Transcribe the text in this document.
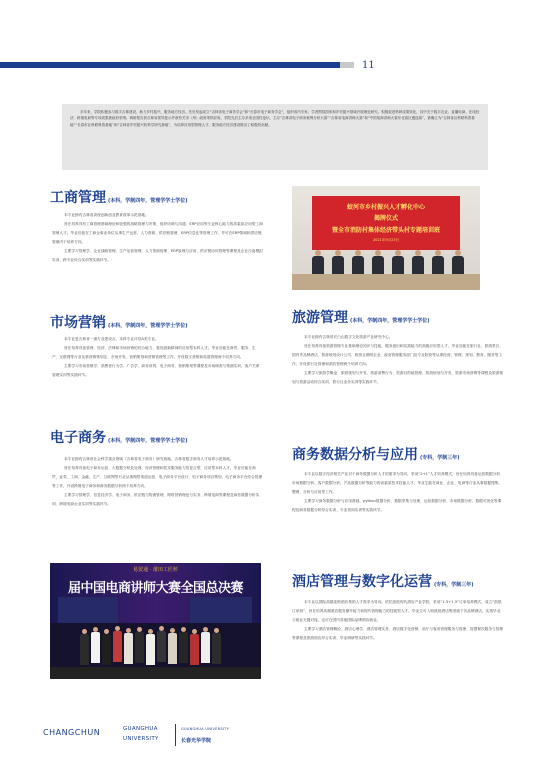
11

多年来，学院积极参与数字吉林建设，助力乡村振兴，服务地方经济。先后发起成立“吉林省电子商务学会”和“长春市电子商务学会”，组织省内专家、学者围绕国家和乡村振兴领域开展理论研究。积极促进科研成果转化，其中关于数字农业、直播电商、在线经济、跨境电商等专项成果被政府采纳。调研报告获吉林省领导批示并被有关市（州）政府采纳应用。学院先后主办多项全国性论坛、主办“吉林省电子商务案例分析大赛”“吉林省电商讲师大赛”和“中国电商讲师大赛东北赛区遴选赛”，被确立为“吉林省社科联科普基地”“长春市社科联科普基地”和“吉林省乡村振兴软科学研究基地”，为培养应用型管理人才、服务地方经济建设做出了积极的贡献。

工商管理 (本科，学制四年，管理学学士学位)

本专业拥有吉林省高校创新创业教育改革示范基地。

旨在培养具有工商管理基础理论和较强的战略管理与决策、组织协调与沟通、ERP应用等专业核心能力的高素质应用型工商管理人才。毕业后能在工商企事业单位从事生产运营、人力资源、供应链管理、ERP信息化等管理工作，并可在ERP领域和供应链管理内干培养方向。

主要学习管理学、企业战略管理、生产运营管理、人力资源管理、ERP原理与应用、供应链协同管理等课程及企业沙盘模拟实训、跨专业综合实训等实践环节。

市场营销 (本科，学制四年，管理学学士学位)

本专业是吉林省一流专业建设点，本科专业评估A类专业。

旨在培养具备管理、经济、法律和市场营销的综合能力，重视创新精神的应用型本科人才。毕业后能在商贸、服务、生产、互联网等行业从事营销策划定、市场开发、营销策划和营销管理等工作，开设数字营销和渠道管理两个培养方向。

主要学习市场营销学、消费者行为学、广告学、商务谈判、电子商务、营销策划等课程及市场调查与预测实训、客户关系管理实训等实践环节。

电子商务 (本科，学制四年，管理学学士学位)

本专业拥有吉林省社会科学重点领域（吉林省电子商务）研究基地，吉林省数字商务人才培养示范基地。

旨在培养具备电子商务运营、大数据分析及处理、经济管理和技术服务能力的复合型、应用型本科人才。毕业后能在商贸、证券、工商、金融、生产、互联网等行业从事网络渠道运营、电子商务平台设计、电子商务项目策划、电子商务平台综合管理等工作，开设跨境电子商务和商务数据分析两个培养方向。

主要学习管理学、信息经济学、电子商务、供应链与物流管理、网络营销理论与实务、跨境电商等课程及商务数据分析实训、跨境电商企业实训等实践环节。

易贸通 · 莆田工匠杯
届中国电商讲师大赛全国总决赛
蛟河市乡村振兴人才孵化中心
揭牌仪式
暨全市消防村集体经济带头村专题培训班
2021年9月23日
旅游管理 (本科，学制四年，管理学学士学位)

本专业拥有吉林省长白山数字文化旅游产业研究中心。

旨在培养具备旅游管理专业基础理论知识与技能，服务意识和实践能力的高级应用型人才，毕业后能在旅行社、旅游景区、国内外品牌酒店、旅游规划设计公司、旅游互联网企业、政府管理服务部门及专业院校等从事经营、管理、规划、教育、服务等工作，开设旅行社管理和酒店管理两个培养方向。

主要学习旅游学概论、旅游规划与开发、旅游消费行为、旅游目的地管理、旅游规划与开发、旅游市场营销等课程及旅游规划与旅游活动综合实训、旅行社业务实训等实践环节。

商务数据分析与应用 (专科，学制三年)

本专业以数字经济相关产业对于商务数据分析人才的需求为导向，采用“2+1”人才培养模式，旨在培养具备运营数据分析、市场数据分析、客户数据分析、产品数据分析等能力的高素质技术技能人才，毕业生能在商业、企业、电商等行业从事数据搜集、整理、分析与应用等工作。

主要学习商务数据分析与应用基础、python数据分析、数据采集与处理、运营数据分析、市场数据分析、数据可视化等课程及商务数据分析综合实训、专业顶岗实训等实践环节。

酒店管理与数字化运营 (专科，学制三年)

本专业以国际高端连锁酒店集团人才需求为导向，依托凯悦现代酒店产业学院，采用“1.5+1.5”订单培养模式，成立“凯悦订单班”，旨在培养高端酒店服务操作能力和现代管理能力的技能型人才，毕业生可入职凯悦酒店集团旗下各品牌酒店，实现毕业与就业无缝对接，也可在国内其他国际品牌酒店就业。

主要学习酒店管理概论、酒店心理学、酒店管理实务、酒店数字化营销、前厅与客房管理服务与管理、智慧餐饮服务与管理等课程及旅游饭店综合实训、毕业调研等实践环节。

CHANGCHUN	GUANGHUA
UNIVERSITY
GUANGHUA UNIVERSITY
长春光华学院
